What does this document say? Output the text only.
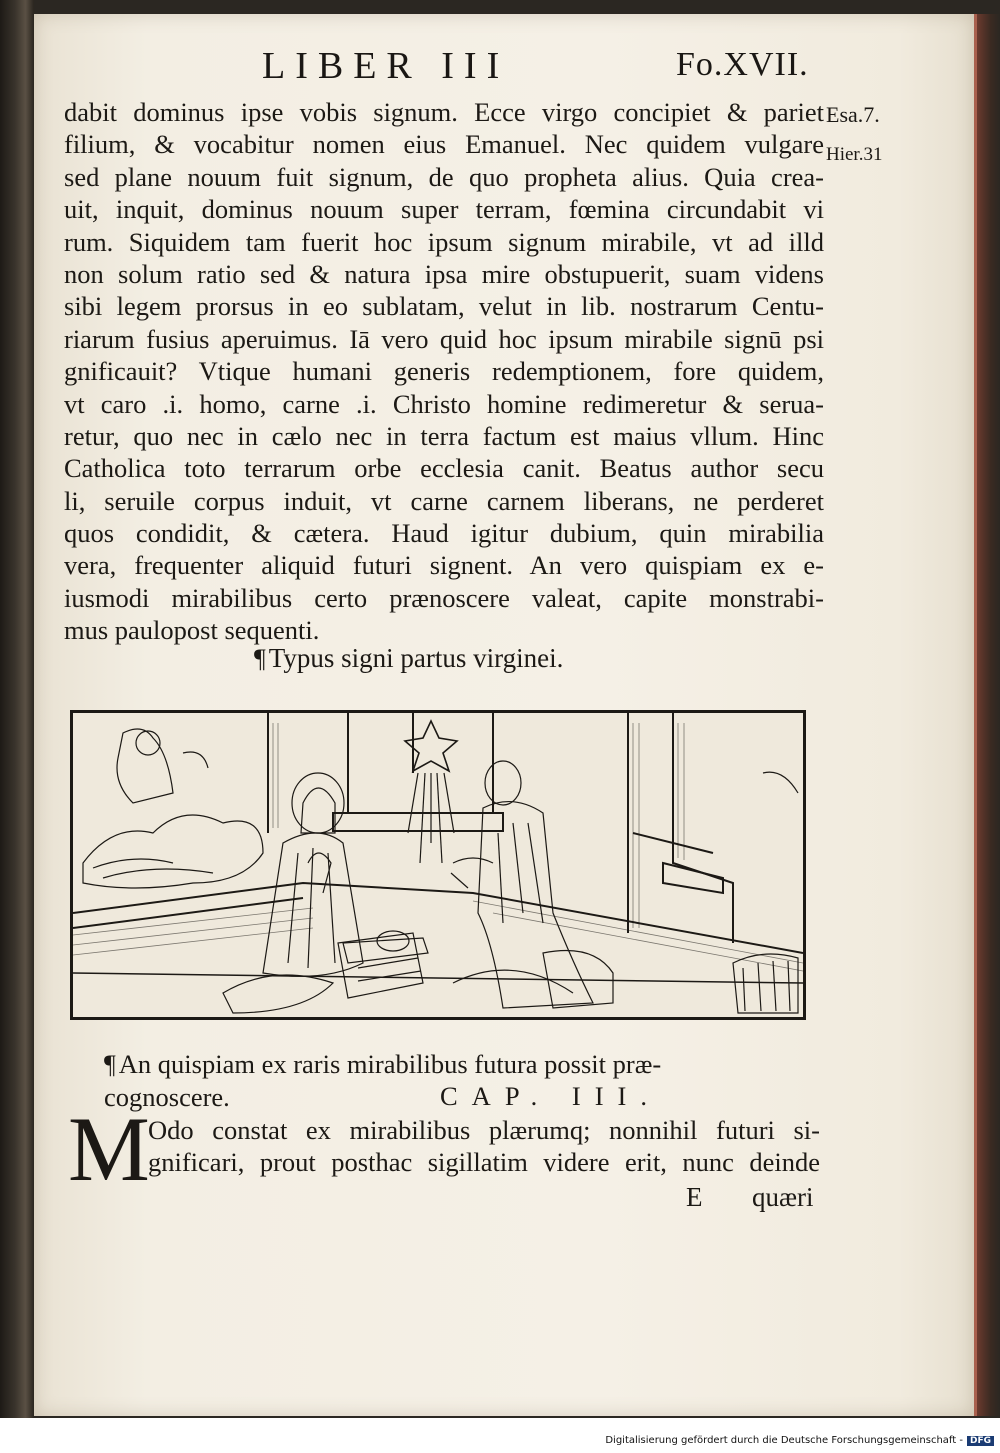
LIBER III	Fo.XVII.
Esa.7.
Hier.31
dabit dominus ipse vobis signum. Ecce virgo concipiet & pariet
filium, & vocabitur nomen eius Emanuel. Nec quidem vulgare
sed plane nouum fuit signum, de quo propheta alius. Quia crea-
uit, inquit, dominus nouum super terram, fœmina circundabit vi
rum. Siquidem tam fuerit hoc ipsum signum mirabile, vt ad illd
non solum ratio sed & natura ipsa mire obstupuerit, suam videns
sibi legem prorsus in eo sublatam, velut in lib. nostrarum Centu-
riarum fusius aperuimus. Iā vero quid hoc ipsum mirabile signū psi
gnificauit? Vtique humani generis redemptionem, fore quidem,
vt caro .i. homo, carne .i. Christo homine redimeretur & serua-
retur, quo nec in cælo nec in terra factum est maius vllum. Hinc
Catholica toto terrarum orbe ecclesia canit. Beatus author secu
li, seruile corpus induit, vt carne carnem liberans, ne perderet
quos condidit, & cætera. Haud igitur dubium, quin mirabilia
vera, frequenter aliquid futuri signent. An vero quispiam ex e-
iusmodi mirabilibus certo prænoscere valeat, capite monstrabi-
mus paulopost sequenti.
¶ Typus signi partus virginei.
¶ An quispiam ex raris mirabilibus futura possit præ-
cognoscere.	CAP. III.
M
Odo constat ex mirabilibus plærumq; nonnihil futuri si-
gnificari, prout posthac sigillatim videre erit, nunc deinde
E quæri
Digitalisierung gefördert durch die Deutsche Forschungsgemeinschaft - DFG
